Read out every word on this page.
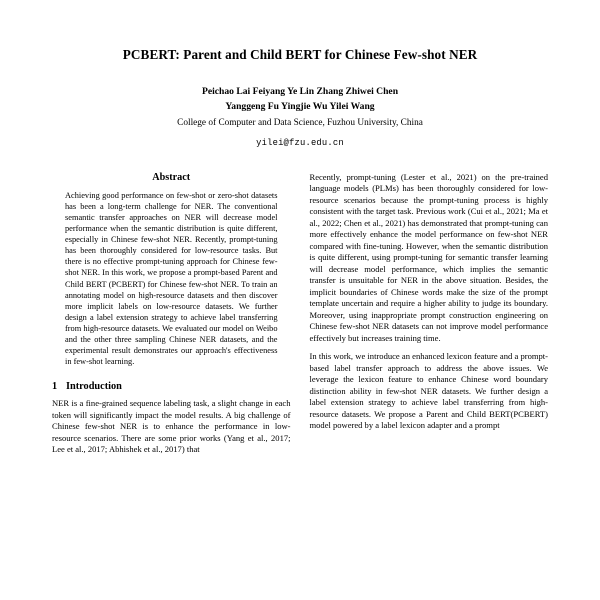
PCBERT: Parent and Child BERT for Chinese Few-shot NER
Peichao Lai Feiyang Ye Lin Zhang Zhiwei Chen
Yanggeng Fu Yingjie Wu Yilei Wang
College of Computer and Data Science, Fuzhou University, China
yilei@fzu.edu.cn
Abstract

Achieving good performance on few-shot or zero-shot datasets has been a long-term challenge for NER. The conventional semantic transfer approaches on NER will decrease model performance when the semantic distribution is quite different, especially in Chinese few-shot NER. Recently, prompt-tuning has been thoroughly considered for low-resource tasks. But there is no effective prompt-tuning approach for Chinese few-shot NER. In this work, we propose a prompt-based Parent and Child BERT (PCBERT) for Chinese few-shot NER. To train an annotating model on high-resource datasets and then discover more implicit labels on low-resource datasets. We further design a label extension strategy to achieve label transferring from high-resource datasets. We evaluated our model on Weibo and the other three sampling Chinese NER datasets, and the experimental result demonstrates our approach's effectiveness in few-shot learning.

1 Introduction

NER is a fine-grained sequence labeling task, a slight change in each token will significantly impact the model results. A big challenge of Chinese few-shot NER is to enhance the performance in low-resource scenarios. There are some prior works (Yang et al., 2017; Lee et al., 2017; Abhishek et al., 2017) that

Recently, prompt-tuning (Lester et al., 2021) on the pre-trained language models (PLMs) has been thoroughly considered for low-resource scenarios because the prompt-tuning process is highly consistent with the target task. Previous work (Cui et al., 2021; Ma et al., 2022; Chen et al., 2021) has demonstrated that prompt-tuning can more effectively enhance the model performance on few-shot NER compared with fine-tuning. However, when the semantic distribution is quite different, using prompt-tuning for semantic transfer learning will decrease model performance, which implies the semantic transfer is unsuitable for NER in the above situation. Besides, the implicit boundaries of Chinese words make the size of the prompt template uncertain and require a higher ability to judge its boundary. Moreover, using inappropriate prompt construction engineering on Chinese few-shot NER datasets can not improve model performance effectively but increases training time.

In this work, we introduce an enhanced lexicon feature and a prompt-based label transfer approach to address the above issues. We leverage the lexicon feature to enhance Chinese word boundary distinction ability in few-shot NER datasets. We further design a label extension strategy to achieve label transferring from high-resource datasets. We propose a Parent and Child BERT(PCBERT) model powered by a label lexicon adapter and a prompt
